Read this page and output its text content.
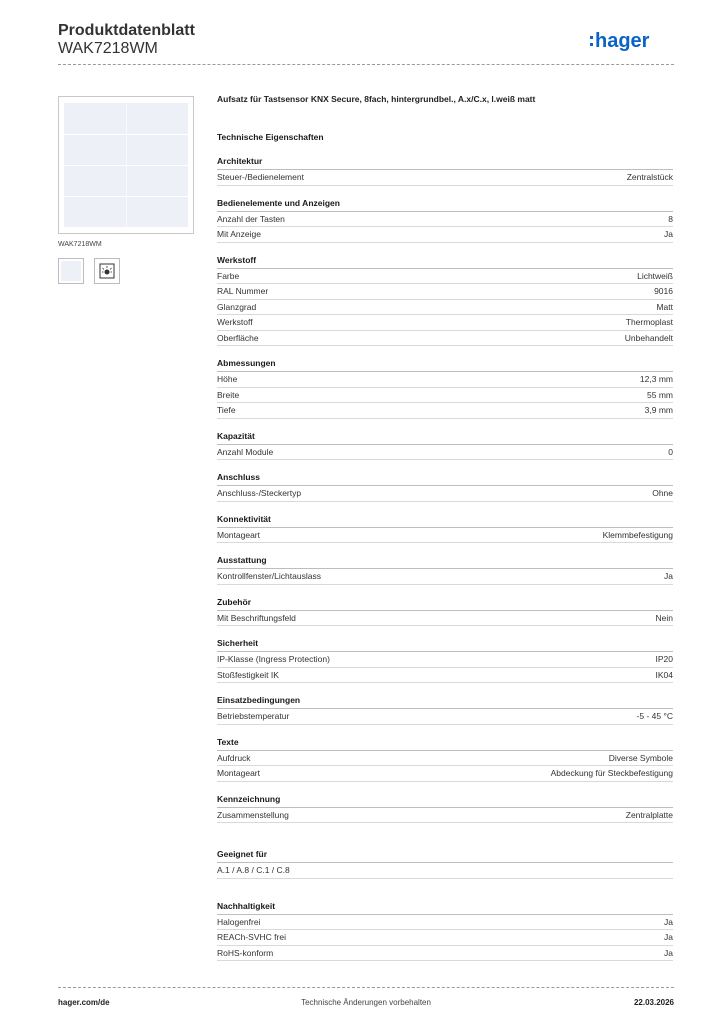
Produktdatenblatt
WAK7218WM	hager
WAK7218WM

Aufsatz für Tastsensor KNX Secure, 8fach, hintergrundbel., A.x/C.x, l.weiß matt

Technische Eigenschaften
Architektur
Steuer-/Bedienelement	Zentralstück
Bedienelemente und Anzeigen
Anzahl der Tasten	8
Mit Anzeige	Ja
Werkstoff
Farbe	Lichtweiß
RAL Nummer	9016
Glanzgrad	Matt
Werkstoff	Thermoplast
Oberfläche	Unbehandelt
Abmessungen
Höhe	12,3 mm
Breite	55 mm
Tiefe	3,9 mm
Kapazität
Anzahl Module	0
Anschluss
Anschluss-/Steckertyp	Ohne
Konnektivität
Montageart	Klemmbefestigung
Ausstattung
Kontrollfenster/Lichtauslass	Ja
Zubehör
Mit Beschriftungsfeld	Nein
Sicherheit
IP-Klasse (Ingress Protection)	IP20
Stoßfestigkeit IK	IK04
Einsatzbedingungen
Betriebstemperatur	-5 - 45 °C
Texte
Aufdruck	Diverse Symbole
Montageart	Abdeckung für Steckbefestigung
Kennzeichnung
Zusammenstellung	Zentralplatte
Geeignet für
A.1 / A.8 / C.1 / C.8
Nachhaltigkeit
Halogenfrei	Ja
REACh-SVHC frei	Ja
RoHS-konform	Ja
hager.com/de	Technische Änderungen vorbehalten	22.03.2026
